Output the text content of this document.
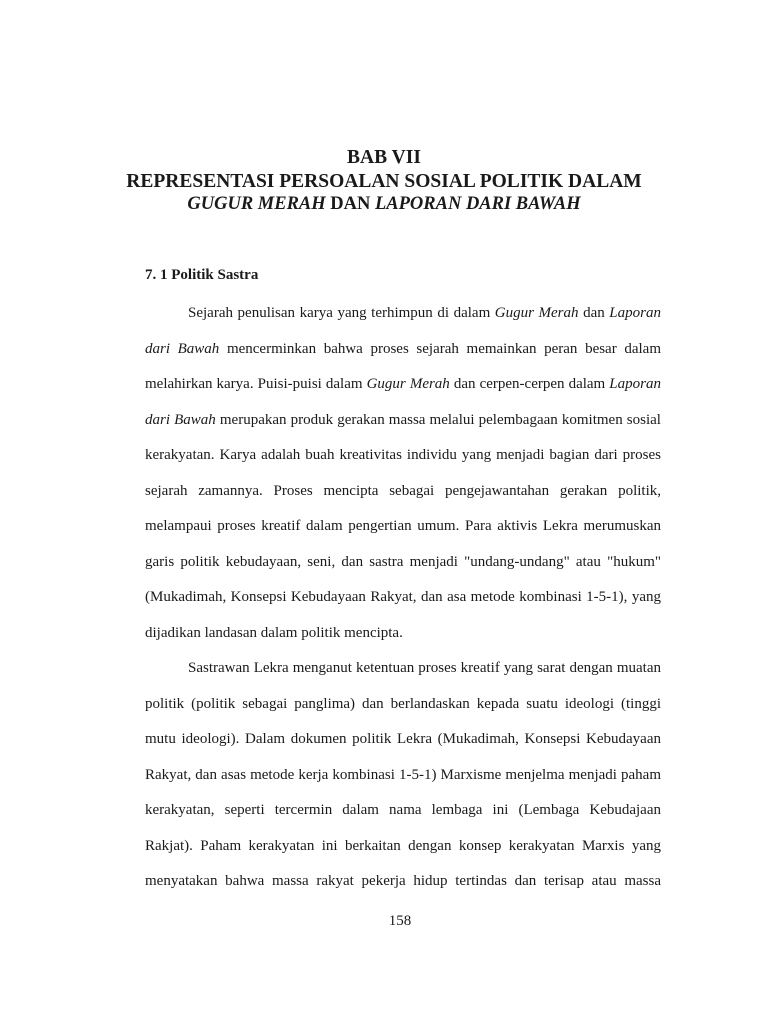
BAB VII
REPRESENTASI PERSOALAN SOSIAL POLITIK DALAM
GUGUR MERAH DAN LAPORAN DARI BAWAH
7. 1 Politik Sastra
Sejarah penulisan karya yang terhimpun di dalam Gugur Merah dan Laporan
dari Bawah mencerminkan bahwa proses sejarah memainkan peran besar dalam
melahirkan karya. Puisi-puisi dalam Gugur Merah dan cerpen-cerpen dalam Laporan
dari Bawah merupakan produk gerakan massa melalui pelembagaan komitmen sosial
kerakyatan. Karya adalah buah kreativitas individu yang menjadi bagian dari proses
sejarah zamannya. Proses mencipta sebagai pengejawantahan gerakan politik,
melampaui proses kreatif dalam pengertian umum. Para aktivis Lekra merumuskan
garis politik kebudayaan, seni, dan sastra menjadi "undang-undang" atau "hukum"
(Mukadimah, Konsepsi Kebudayaan Rakyat, dan asa metode kombinasi 1-5-1), yang
dijadikan landasan dalam politik mencipta.
Sastrawan Lekra menganut ketentuan proses kreatif yang sarat dengan muatan
politik (politik sebagai panglima) dan berlandaskan kepada suatu ideologi (tinggi
mutu ideologi). Dalam dokumen politik Lekra (Mukadimah, Konsepsi Kebudayaan
Rakyat, dan asas metode kerja kombinasi 1-5-1) Marxisme menjelma menjadi paham
kerakyatan, seperti tercermin dalam nama lembaga ini (Lembaga Kebudajaan
Rakjat). Paham kerakyatan ini berkaitan dengan konsep kerakyatan Marxis yang
menyatakan bahwa massa rakyat pekerja hidup tertindas dan terisap atau massa
158
